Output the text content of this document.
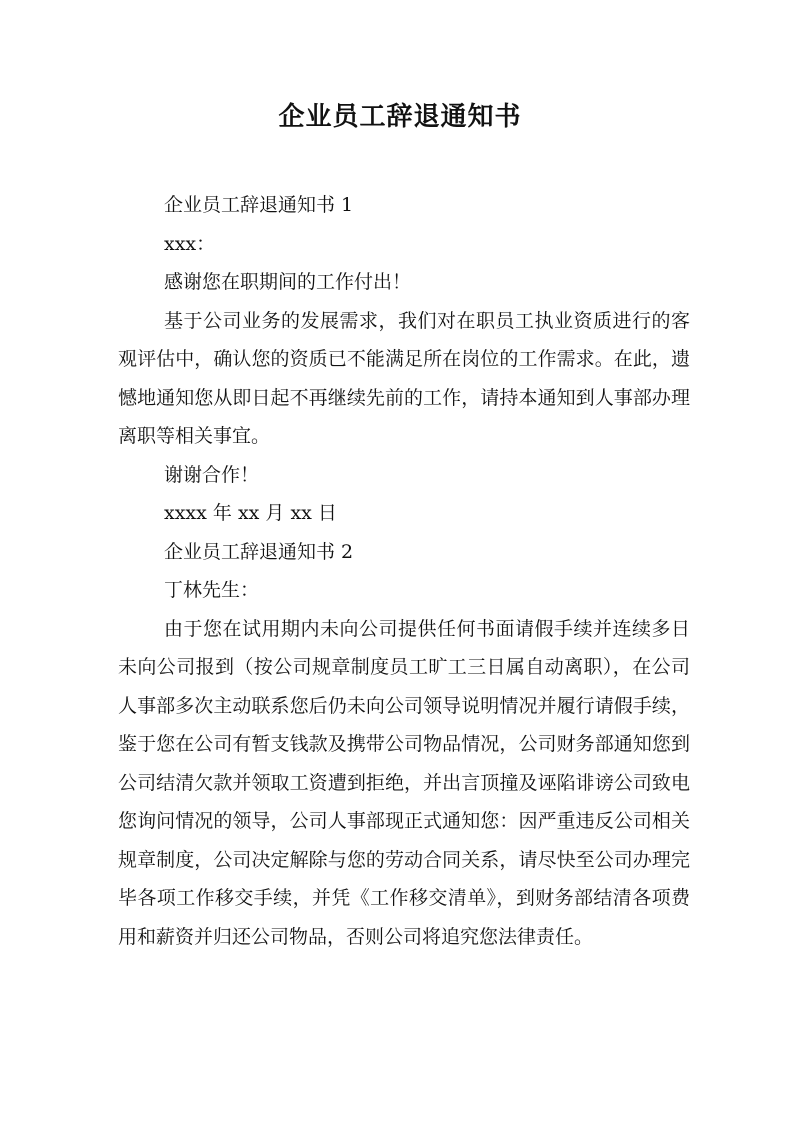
企业员工辞退通知书

企业员工辞退通知书 1

xxx：

感谢您在职期间的工作付出！

基于公司业务的发展需求，我们对在职员工执业资质进行的客观评估中，确认您的资质已不能满足所在岗位的工作需求。在此，遗憾地通知您从即日起不再继续先前的工作，请持本通知到人事部办理离职等相关事宜。

谢谢合作！

xxxx 年 xx 月 xx 日

企业员工辞退通知书 2

丁林先生：

由于您在试用期内未向公司提供任何书面请假手续并连续多日未向公司报到（按公司规章制度员工旷工三日属自动离职），在公司人事部多次主动联系您后仍未向公司领导说明情况并履行请假手续，鉴于您在公司有暂支钱款及携带公司物品情况，公司财务部通知您到公司结清欠款并领取工资遭到拒绝，并出言顶撞及诬陷诽谤公司致电您询问情况的领导，公司人事部现正式通知您：因严重违反公司相关规章制度，公司决定解除与您的劳动合同关系，请尽快至公司办理完毕各项工作移交手续，并凭《工作移交清单》，到财务部结清各项费用和薪资并归还公司物品，否则公司将追究您法律责任。
